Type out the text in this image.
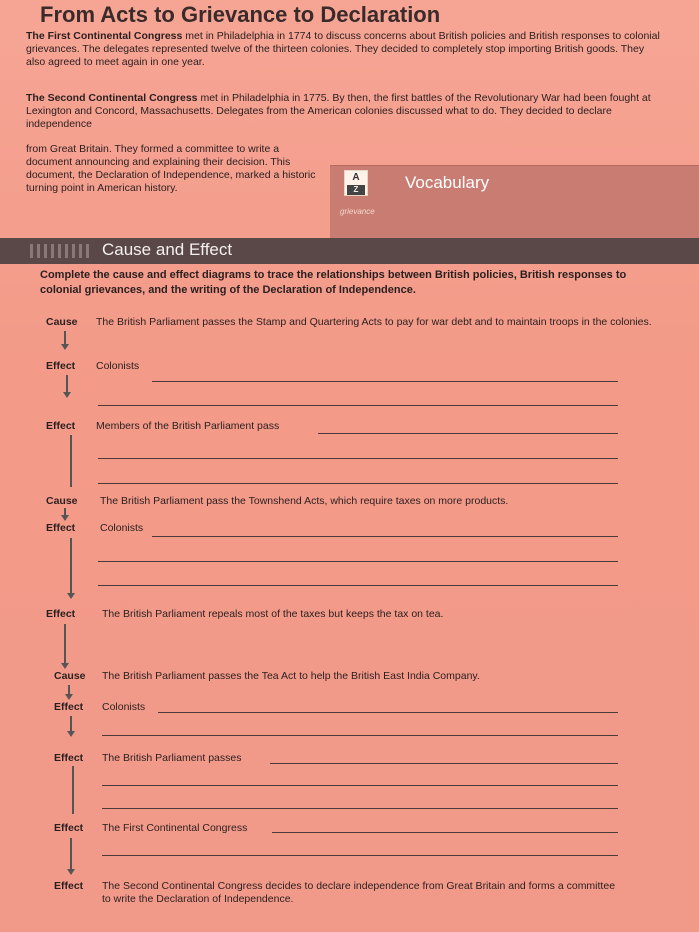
From Acts to Grievance to Declaration
The First Continental Congress met in Philadelphia in 1774 to discuss concerns about British policies and British responses to colonial grievances. The delegates represented twelve of the thirteen colonies. They decided to completely stop importing British goods. They also agreed to meet again in one year.
The Second Continental Congress met in Philadelphia in 1775. By then, the first battles of the Revolutionary War had been fought at Lexington and Concord, Massachusetts. Delegates from the American colonies discussed what to do. They decided to declare independence
from Great Britain. They formed a committee to write a document announcing and explaining their decision. This document, the Declaration of Independence, marked a historic turning point in American history.
A
Z	Vocabulary
grievance
Cause and Effect
Complete the cause and effect diagrams to trace the relationships between British policies, British responses to colonial grievances, and the writing of the Declaration of Independence.
Cause The British Parliament passes the Stamp and Quartering Acts to pay for war debt and to maintain troops in the colonies.
Effect Colonists
Effect Members of the British Parliament pass
Cause The British Parliament pass the Townshend Acts, which require taxes on more products.
Effect Colonists
Effect	The British Parliament repeals most of the taxes but keeps the tax on tea.
Cause The British Parliament passes the Tea Act to help the British East India Company.
Effect Colonists
Effect The British Parliament passes
Effect The First Continental Congress
Effect The Second Continental Congress decides to declare independence from Great Britain and forms a committee to write the Declaration of Independence.
